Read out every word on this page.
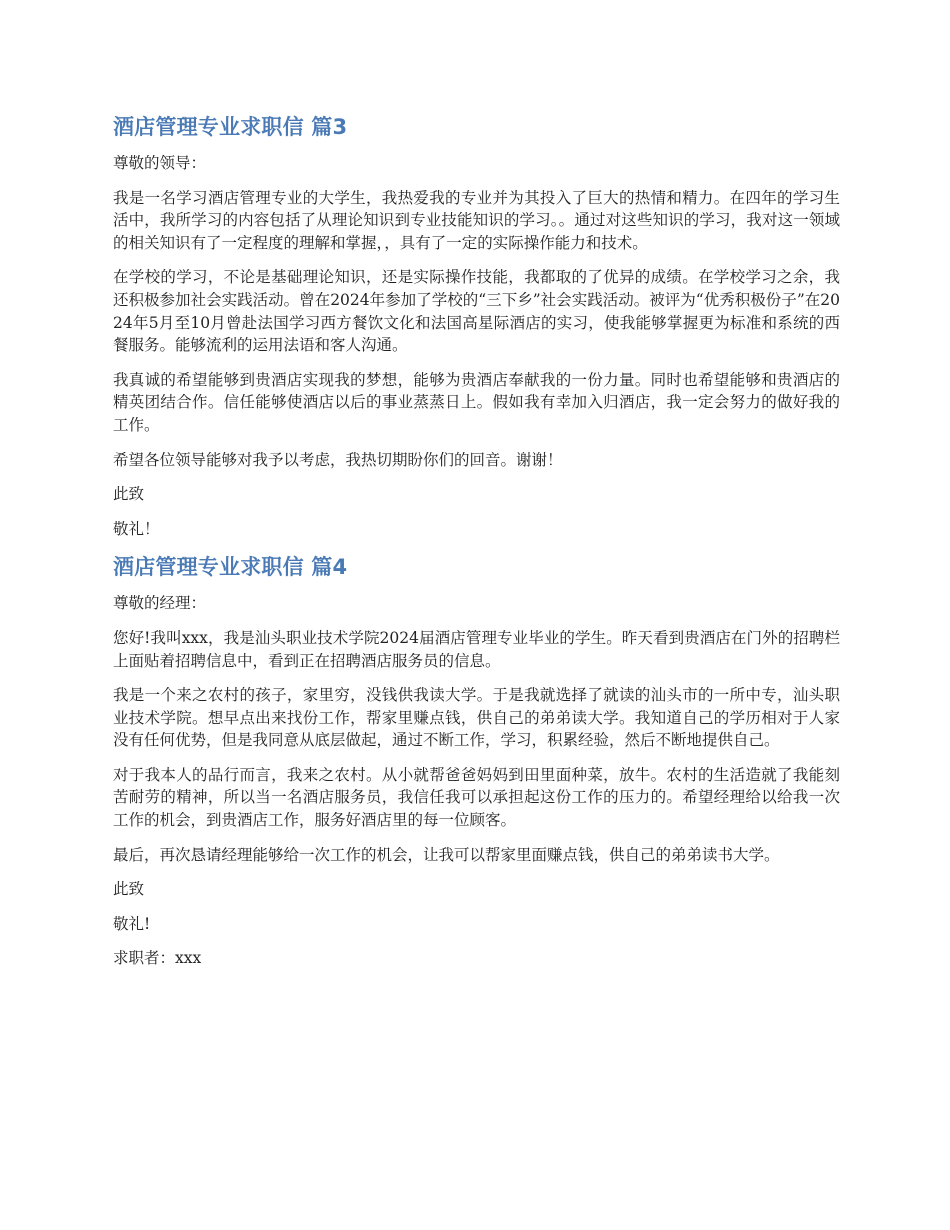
酒店管理专业求职信 篇3

尊敬的领导：

我是一名学习酒店管理专业的大学生，我热爱我的专业并为其投入了巨大的热情和精力。在四年的学习生活中，我所学习的内容包括了从理论知识到专业技能知识的学习。。通过对这些知识的学习，我对这一领域的相关知识有了一定程度的理解和掌握，，具有了一定的实际操作能力和技术。

在学校的学习，不论是基础理论知识，还是实际操作技能，我都取的了优异的成绩。在学校学习之余，我还积极参加社会实践活动。曾在2024年参加了学校的“三下乡”社会实践活动。被评为“优秀积极份子”在2024年5月至10月曾赴法国学习西方餐饮文化和法国高星际酒店的实习，使我能够掌握更为标准和系统的西餐服务。能够流利的运用法语和客人沟通。

我真诚的希望能够到贵酒店实现我的梦想，能够为贵酒店奉献我的一份力量。同时也希望能够和贵酒店的精英团结合作。信任能够使酒店以后的事业蒸蒸日上。假如我有幸加入归酒店，我一定会努力的做好我的工作。

希望各位领导能够对我予以考虑，我热切期盼你们的回音。谢谢！

此致

敬礼！

酒店管理专业求职信 篇4

尊敬的经理：

您好!我叫xxx，我是汕头职业技术学院2024届酒店管理专业毕业的学生。昨天看到贵酒店在门外的招聘栏上面贴着招聘信息中，看到正在招聘酒店服务员的信息。

我是一个来之农村的孩子，家里穷，没钱供我读大学。于是我就选择了就读的汕头市的一所中专，汕头职业技术学院。想早点出来找份工作，帮家里赚点钱，供自己的弟弟读大学。我知道自己的学历相对于人家没有任何优势，但是我同意从底层做起，通过不断工作，学习，积累经验，然后不断地提供自己。

对于我本人的品行而言，我来之农村。从小就帮爸爸妈妈到田里面种菜，放牛。农村的生活造就了我能刻苦耐劳的精神，所以当一名酒店服务员，我信任我可以承担起这份工作的压力的。希望经理给以给我一次工作的机会，到贵酒店工作，服务好酒店里的每一位顾客。

最后，再次恳请经理能够给一次工作的机会，让我可以帮家里面赚点钱，供自己的弟弟读书大学。

此致

敬礼!

求职者：xxx
